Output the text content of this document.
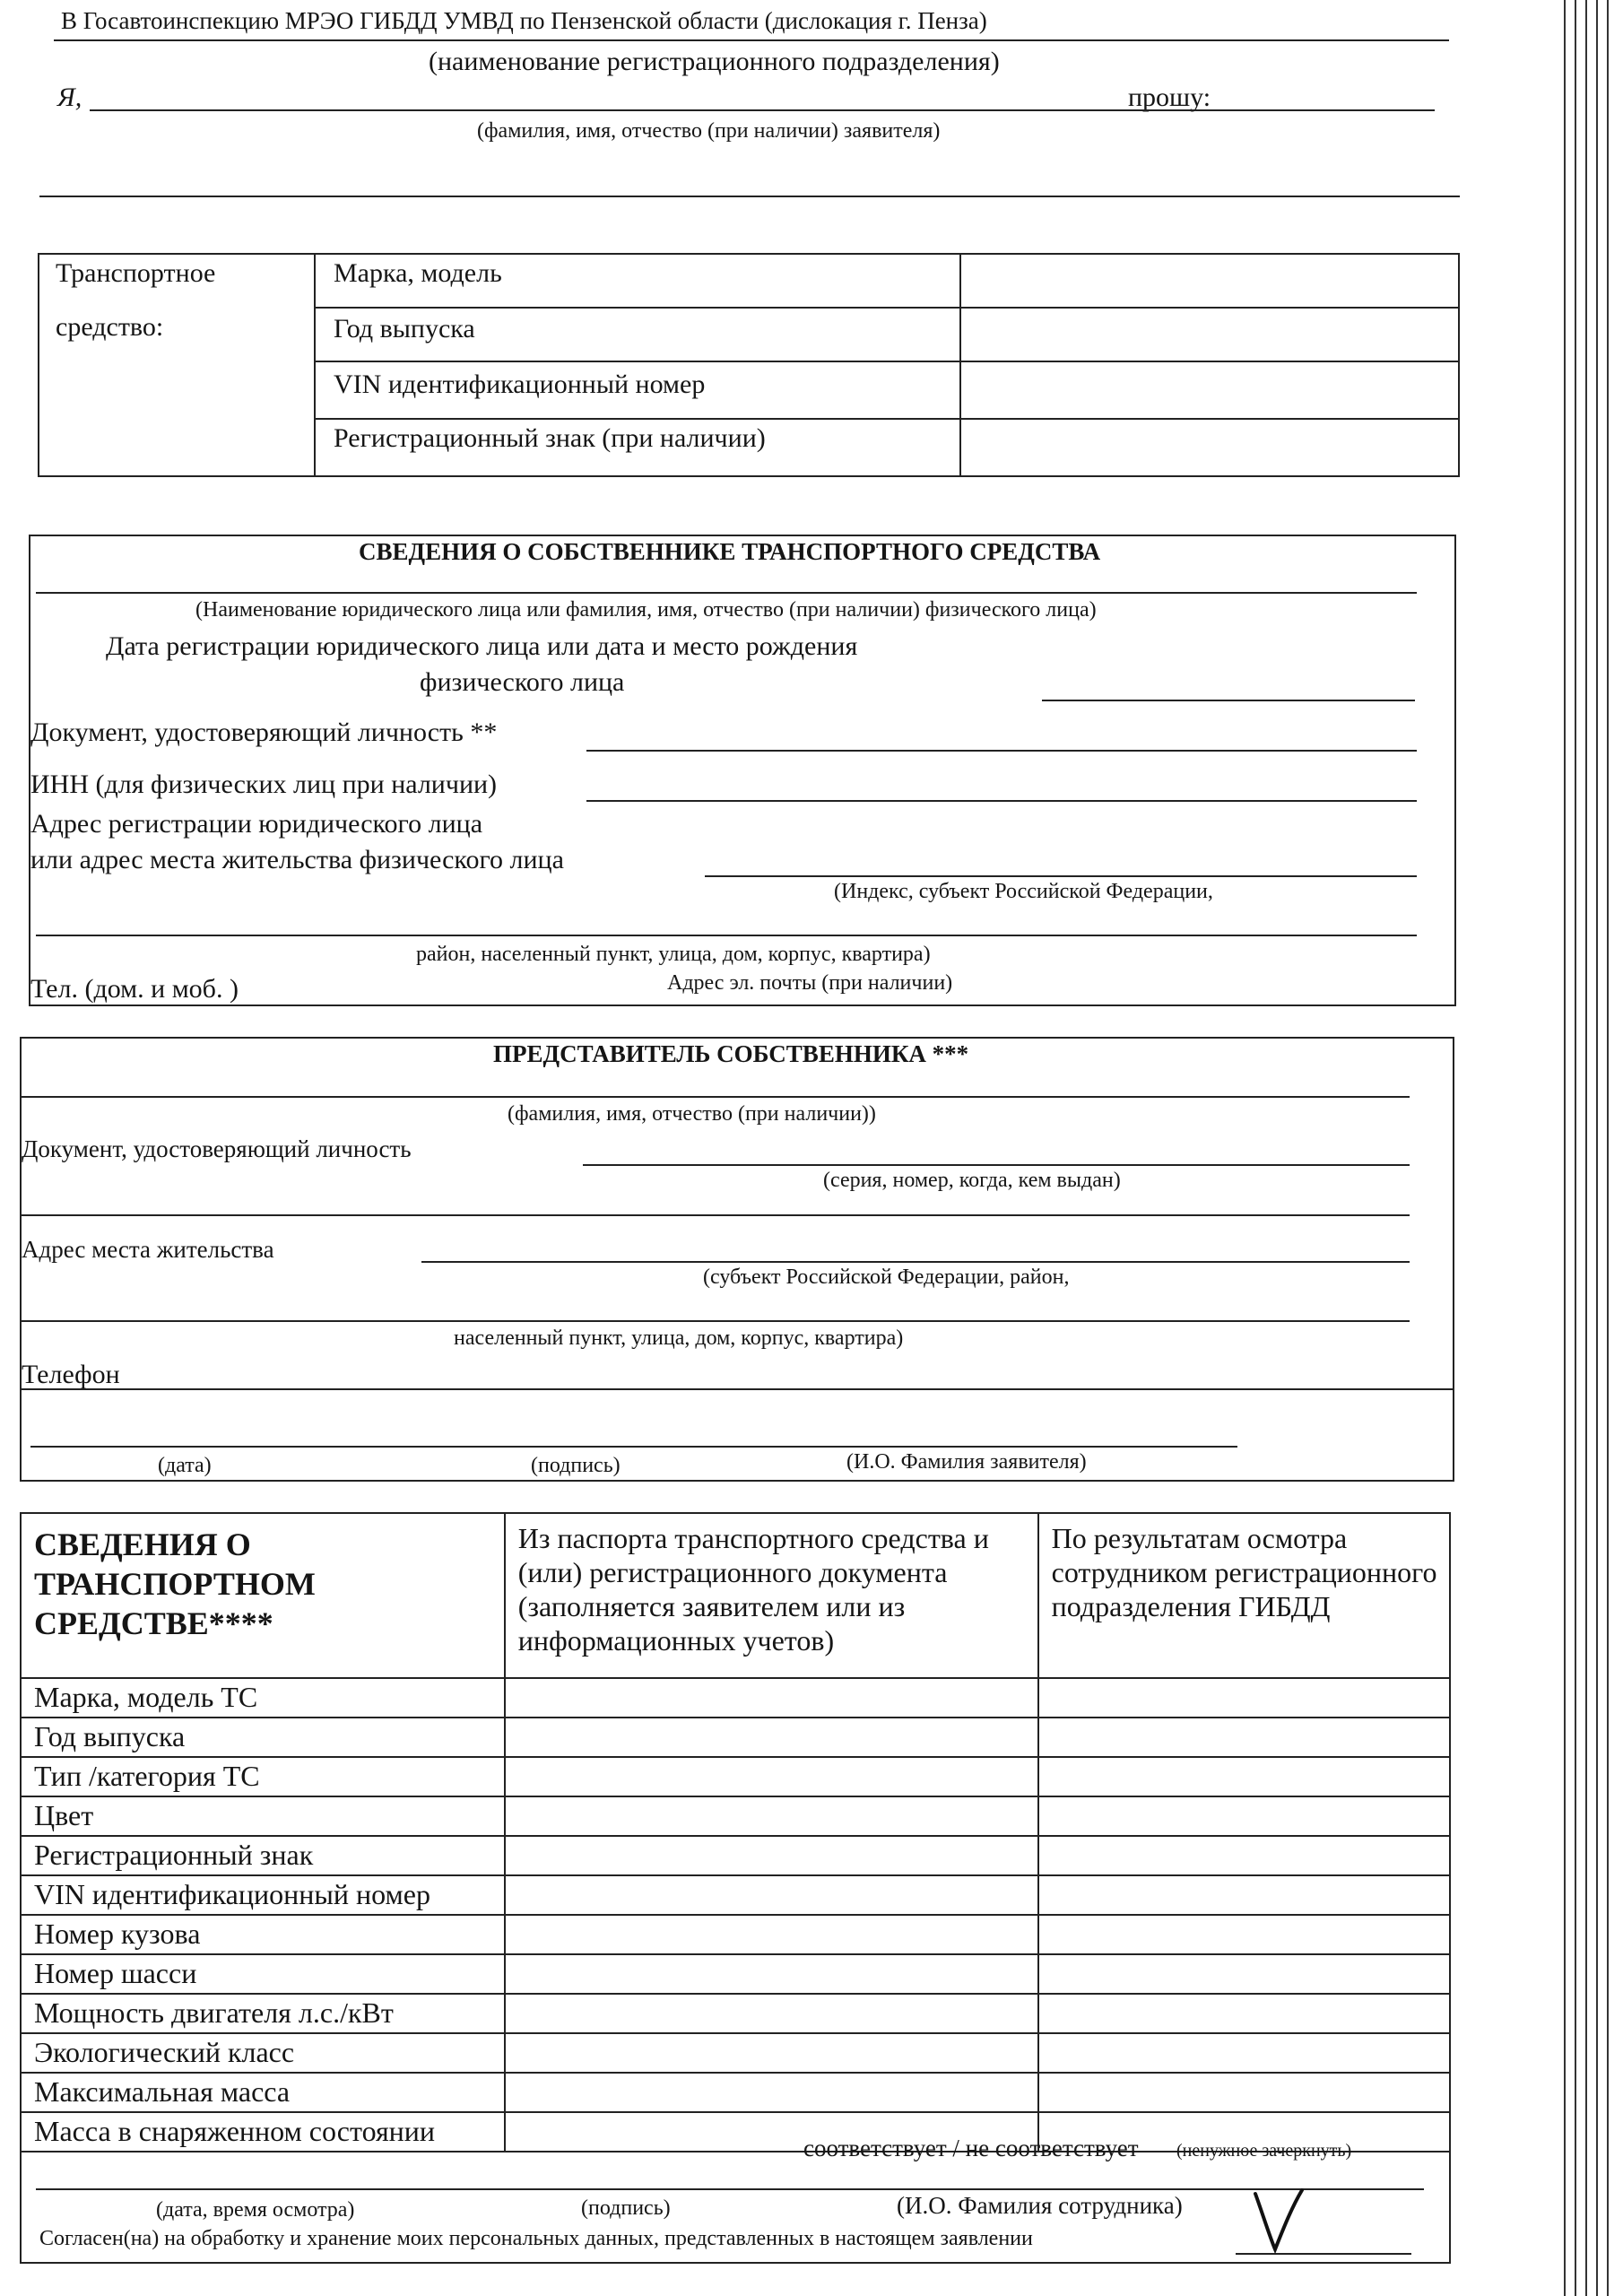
В Госавтоинспекцию МРЭО ГИБДД УМВД по Пензенской области (дислокация г. Пенза)
(наименование регистрационного подразделения)
Я,	прошу:
(фамилия, имя, отчество (при наличии) заявителя)
Транспортное
средство:
Марка, модель
Год выпуска
VIN идентификационный номер
Регистрационный знак (при наличии)
СВЕДЕНИЯ О СОБСТВЕННИКЕ ТРАНСПОРТНОГО СРЕДСТВА
(Наименование юридического лица или фамилия, имя, отчество (при наличии) физического лица)
Дата регистрации юридического лица или дата и место рождения
физического лица
Документ, удостоверяющий личность **
ИНН (для физических лиц при наличии)
Адрес регистрации юридического лица
или адрес места жительства физического лица
(Индекс, субъект Российской Федерации,
район, населенный пункт, улица, дом, корпус, квартира)
Тел. (дом. и моб. )	Адрес эл. почты (при наличии)
ПРЕДСТАВИТЕЛЬ СОБСТВЕННИКА ***
(фамилия, имя, отчество (при наличии))
Документ, удостоверяющий личность
(серия, номер, когда, кем выдан)
Адрес места жительства
(субъект Российской Федерации, район,
населенный пункт, улица, дом, корпус, квартира)
Телефон
(дата)	(подпись)	(И.О. Фамилия заявителя)
СВЕДЕНИЯ О ТРАНСПОРТНОМ СРЕДСТВЕ****	Из паспорта транспортного средства и (или) регистрационного документа (заполняется заявителем или из информационных учетов)	По результатам осмотра сотрудником регистрационного подразделения ГИБДД
Марка, модель ТС		
Год выпуска		
Тип /категория ТС		
Цвет		
Регистрационный знак		
VIN идентификационный номер		
Номер кузова		
Номер шасси		
Мощность двигателя л.с./кВт		
Экологический класс		
Максимальная масса		
Масса в снаряженном состоянии		
соответствует / не соответствует (ненужное зачеркнуть)
(дата, время осмотра)	(подпись)	(И.О. Фамилия сотрудника)
Согласен(на) на обработку и хранение моих персональных данных, представленных в настоящем заявлении
